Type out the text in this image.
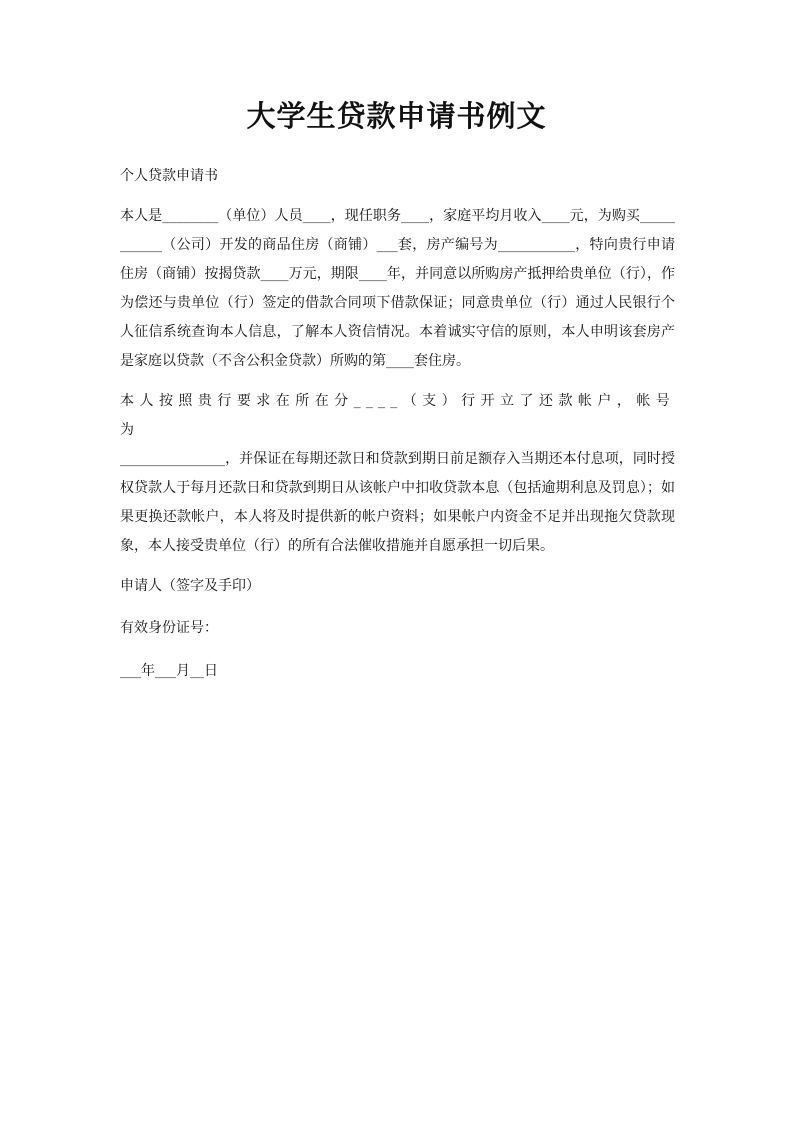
大学生贷款申请书例文

个人贷款申请书

本人是________（单位）人员____，现任职务____，家庭平均月收入____元，为购买___________（公司）开发的商品住房（商铺）___套，房产编号为___________，特向贵行申请住房（商铺）按揭贷款____万元，期限____年，并同意以所购房产抵押给贵单位（行），作为偿还与贵单位（行）签定的借款合同项下借款保证；同意贵单位（行）通过人民银行个人征信系统查询本人信息，了解本人资信情况。本着诚实守信的原则，本人申明该套房产是家庭以贷款（不含公积金贷款）所购的第____套住房。

本人按照贵行要求在所在分____（支）行开立了还款帐户，帐号为
_______________，并保证在每期还款日和贷款到期日前足额存入当期还本付息项，同时授权贷款人于每月还款日和贷款到期日从该帐户中扣收贷款本息（包括逾期利息及罚息）；如果更换还款帐户，本人将及时提供新的帐户资料；如果帐户内资金不足并出现拖欠贷款现象，本人接受贵单位（行）的所有合法催收措施并自愿承担一切后果。

申请人（签字及手印）

有效身份证号：

___年___月__日
